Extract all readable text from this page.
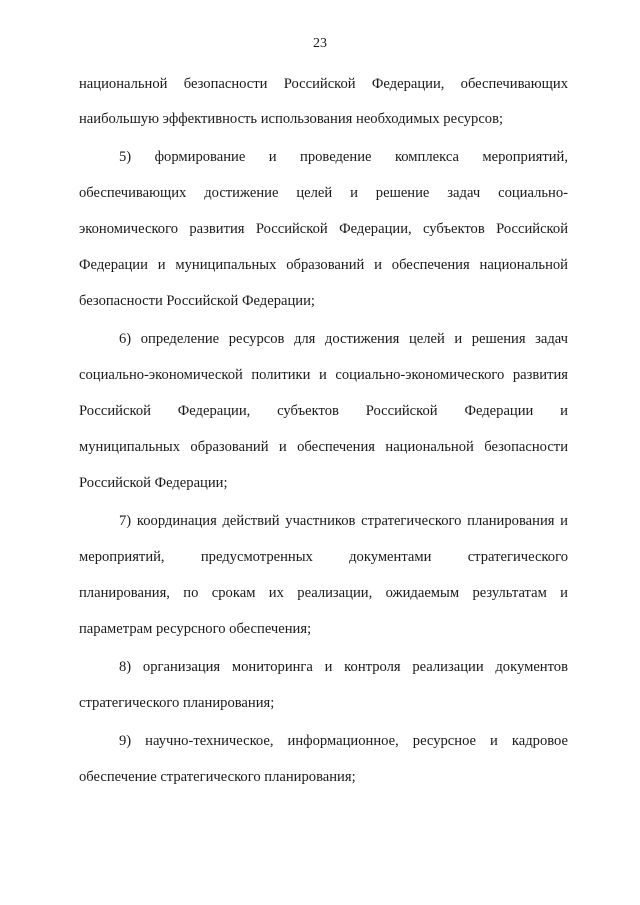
23
национальной безопасности Российской Федерации, обеспечивающих
наибольшую эффективность использования необходимых ресурсов;
5) формирование и проведение комплекса мероприятий,
обеспечивающих достижение целей и решение задач социально-
экономического развития Российской Федерации, субъектов Российской
Федерации и муниципальных образований и обеспечения национальной
безопасности Российской Федерации;
6) определение ресурсов для достижения целей и решения задач
социально-экономической политики и социально-экономического развития
Российской Федерации, субъектов Российской Федерации и
муниципальных образований и обеспечения национальной безопасности
Российской Федерации;
7) координация действий участников стратегического планирования и
мероприятий, предусмотренных документами стратегического
планирования, по срокам их реализации, ожидаемым результатам и
параметрам ресурсного обеспечения;
8) организация мониторинга и контроля реализации документов
стратегического планирования;
9) научно-техническое, информационное, ресурсное и кадровое
обеспечение стратегического планирования;
